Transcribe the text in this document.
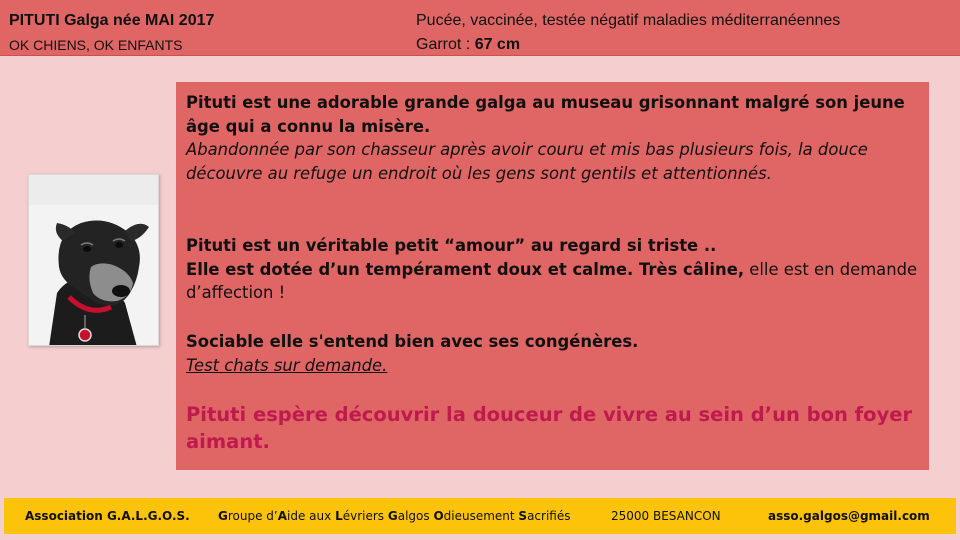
PITUTI Galga née MAI 2017
OK CHIENS, OK ENFANTS
Pucée, vaccinée, testée négatif maladies méditerranéennes
Garrot : 67 cm

Pituti est une adorable grande galga au museau grisonnant malgré son jeune âge qui a connu la misère.
Abandonnée par son chasseur après avoir couru et mis bas plusieurs fois, la douce découvre au refuge un endroit où les gens sont gentils et attentionnés.

Pituti est un véritable petit “amour” au regard si triste ..
Elle est dotée d’un tempérament doux et calme. Très câline, elle est en demande d’affection !

Sociable elle s'entend bien avec ses congénères.
Test chats sur demande.

Pituti espère découvrir la douceur de vivre au sein d’un bon foyer aimant.

Association G.A.L.G.O.S. Groupe d’Aide aux Lévriers Galgos Odieusement Sacrifiés	25000 BESANCON	asso.galgos@gmail.com
